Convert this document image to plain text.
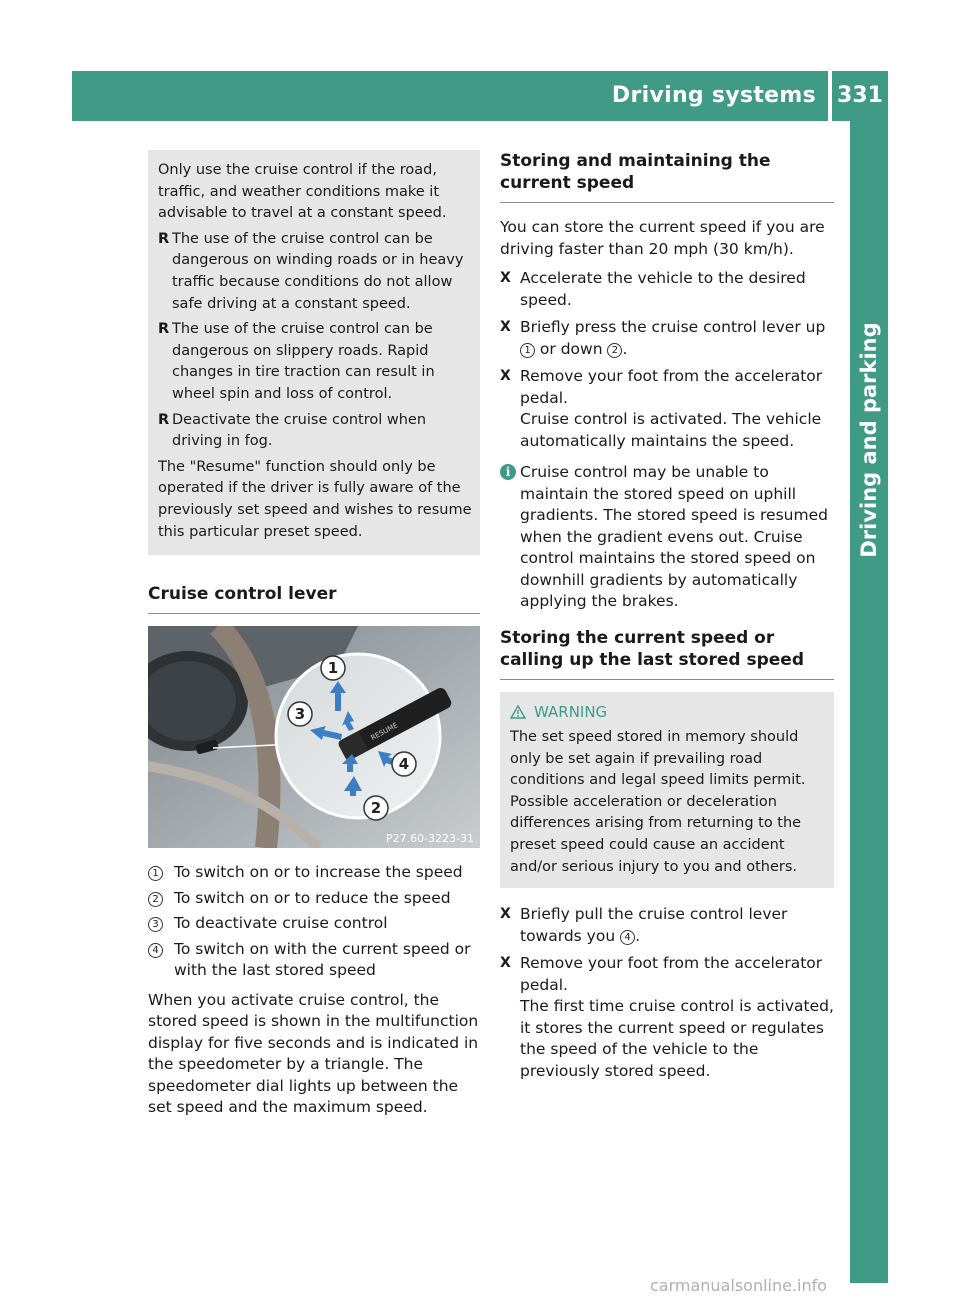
Driving systems 331
Driving and parking

Only use the cruise control if the road, traffic, and weather conditions make it advisable to travel at a constant speed.

R The use of the cruise control can be dangerous on winding roads or in heavy traffic because conditions do not allow safe driving at a constant speed.
R The use of the cruise control can be dangerous on slippery roads. Rapid changes in tire traction can result in wheel spin and loss of control.
R Deactivate the cruise control when driving in fog.

The "Resume" function should only be operated if the driver is fully aware of the previously set speed and wishes to resume this particular preset speed.

Cruise control lever
RESUME
1
2
3
4
P27.60-3223-31
1 To switch on or to increase the speed
2 To switch on or to reduce the speed
3 To deactivate cruise control
4 To switch on with the current speed or with the last stored speed

When you activate cruise control, the stored speed is shown in the multifunction display for five seconds and is indicated in the speedometer by a triangle. The speedometer dial lights up between the set speed and the maximum speed.

Storing and maintaining the current speed

You can store the current speed if you are driving faster than 20 mph (30 km/h).

X Accelerate the vehicle to the desired speed.
X Briefly press the cruise control lever up 1 or down 2 .
X Remove your foot from the accelerator pedal.
Cruise control is activated. The vehicle automatically maintains the speed.
i Cruise control may be unable to maintain the stored speed on uphill gradients. The stored speed is resumed when the gradient evens out. Cruise control maintains the stored speed on downhill gradients by automatically applying the brakes.
Storing the current speed or calling up the last stored speed
WARNING

The set speed stored in memory should only be set again if prevailing road conditions and legal speed limits permit. Possible acceleration or deceleration differences arising from returning to the preset speed could cause an accident and/or serious injury to you and others.

X Briefly pull the cruise control lever towards you 4 .
X Remove your foot from the accelerator pedal.
The first time cruise control is activated, it stores the current speed or regulates the speed of the vehicle to the previously stored speed.
carmanualsonline.info
